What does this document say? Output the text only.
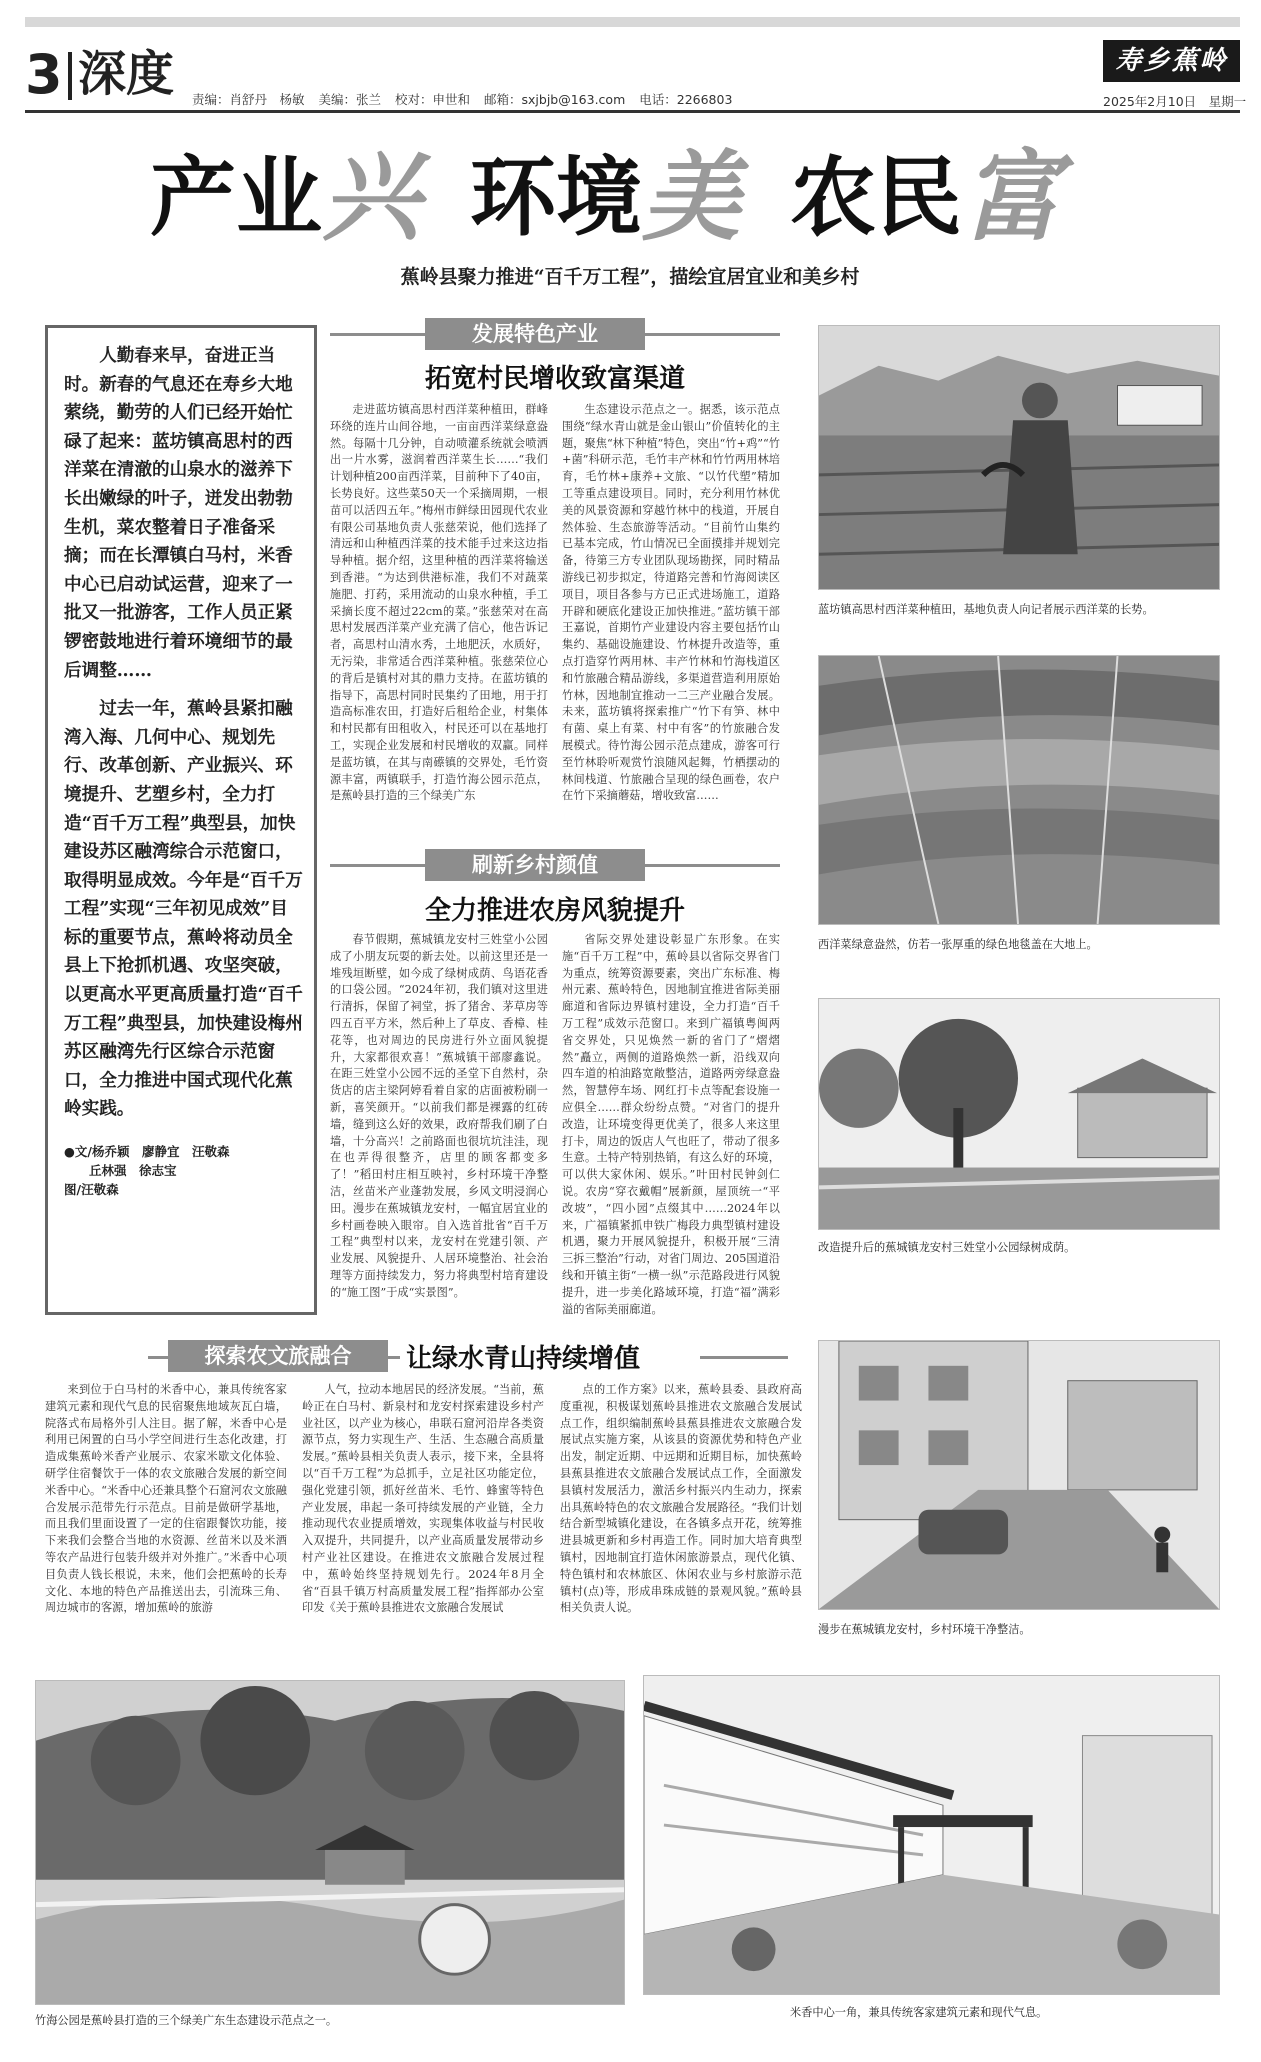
3 深度 责编：肖舒丹　杨敏 美编：张兰 校对：申世和 邮箱：sxjbjb@163.com 电话：2266803
寿乡蕉岭
2025年2月10日　星期一
产业 兴 环境 美 农民 富
蕉岭县聚力推进“百千万工程”，描绘宜居宜业和美乡村

人勤春来早，奋进正当时。新春的气息还在寿乡大地萦绕，勤劳的人们已经开始忙碌了起来：蓝坊镇高思村的西洋菜在清澈的山泉水的滋养下长出嫩绿的叶子，迸发出勃勃生机，菜农整着日子准备采摘；而在长潭镇白马村，米香中心已启动试运营，迎来了一批又一批游客，工作人员正紧锣密鼓地进行着环境细节的最后调整……

过去一年，蕉岭县紧扣融湾入海、几何中心、规划先行、改革创新、产业振兴、环境提升、艺塑乡村，全力打造“百千万工程”典型县，加快建设苏区融湾综合示范窗口，取得明显成效。今年是“百千万工程”实现“三年初见成效”目标的重要节点，蕉岭将动员全县上下抢抓机遇、攻坚突破，以更高水平更高质量打造“百千万工程”典型县，加快建设梅州苏区融湾先行区综合示范窗口，全力推进中国式现代化蕉岭实践。

●文/杨乔颖　廖静宜　汪敬森
　　丘林强　徐志宝
图/汪敬森
发展特色产业
拓宽村民增收致富渠道

走进蓝坊镇高思村西洋菜种植田，群峰环绕的连片山间谷地，一亩亩西洋菜绿意盎然。每隔十几分钟，自动喷灌系统就会喷洒出一片水雾，滋润着西洋菜生长……“我们计划种植200亩西洋菜，目前种下了40亩，长势良好。这些菜50天一个采摘周期，一根苗可以活四五年。”梅州市鲜绿田园现代农业有限公司基地负责人张慈荣说，他们选择了清远和山种植西洋菜的技术能手过来这边指导种植。据介绍，这里种植的西洋菜将输送到香港。“为达到供港标准，我们不对蔬菜施肥、打药，采用流动的山泉水种植，手工采摘长度不超过22cm的菜。”张慈荣对在高思村发展西洋菜产业充满了信心，他告诉记者，高思村山清水秀，土地肥沃，水质好，无污染，非常适合西洋菜种植。张慈荣位心的背后是镇村对其的鼎力支持。在蓝坊镇的指导下，高思村同时民集约了田地，用于打造高标准农田，打造好后租给企业，村集体和村民都有田租收入，村民还可以在基地打工，实现企业发展和村民增收的双赢。同样是蓝坊镇，在其与南礤镇的交界处，毛竹资源丰富，两镇联手，打造竹海公园示范点，是蕉岭县打造的三个绿美广东

生态建设示范点之一。据悉，该示范点围绕“绿水青山就是金山银山”价值转化的主题，聚焦“林下种植”特色，突出“竹+鸡”“竹+菌”科研示范，毛竹丰产林和竹竹两用林培育，毛竹林+康养+文旅、“以竹代塑”精加工等重点建设项目。同时，充分利用竹林优美的风景资源和穿越竹林中的栈道，开展自然体验、生态旅游等活动。“目前竹山集约已基本完成，竹山情况已全面摸排并规划完备，待第三方专业团队现场勘探，同时精品游线已初步拟定，待道路完善和竹海阅读区项目，项目各参与方已正式进场施工，道路开辟和硬底化建设正加快推进。”蓝坊镇干部王嘉说，首期竹产业建设内容主要包括竹山集约、基础设施建设、竹林提升改造等，重点打造穿竹两用林、丰产竹林和竹海栈道区和竹旅融合精品游线，多渠道营造利用原始竹林，因地制宜推动一二三产业融合发展。未来，蓝坊镇将探索推广“竹下有笋、林中有菌、桌上有菜、村中有客”的竹旅融合发展模式。待竹海公园示范点建成，游客可行至竹林聆听观赏竹浪随风起舞，竹栖摆动的林间栈道、竹旅融合呈现的绿色画卷，农户在竹下采摘蘑菇，增收致富……

刷新乡村颜值
全力推进农房风貌提升

春节假期，蕉城镇龙安村三姓堂小公园成了小朋友玩耍的新去处。以前这里还是一堆残垣断壁，如今成了绿树成荫、鸟语花香的口袋公园。“2024年初，我们镇对这里进行清拆，保留了祠堂，拆了猪舍、茅草房等四五百平方米，然后种上了草皮、香樟、桂花等，也对周边的民房进行外立面风貌提升，大家都很欢喜！”蕉城镇干部廖鑫说。在距三姓堂小公园不远的圣堂下自然村，杂货店的店主梁阿婷看着自家的店面被粉刷一新，喜笑颜开。“以前我们都是裸露的红砖墙，缝到这么好的效果，政府帮我们刷了白墙，十分高兴！之前路面也很坑坑洼洼，现在也弄得很整齐，店里的顾客都变多了！”稻田村庄相互映衬，乡村环境干净整洁，丝苗米产业蓬勃发展，乡风文明浸润心田。漫步在蕉城镇龙安村，一幅宜居宜业的乡村画卷映入眼帘。自入选首批省“百千万工程”典型村以来，龙安村在党建引领、产业发展、风貌提升、人居环境整治、社会治理等方面持续发力，努力将典型村培育建设的“施工图”于成“实景图”。

省际交界处建设彰显广东形象。在实施“百千万工程”中，蕉岭县以省际交界省门为重点，统筹资源要素，突出广东标准、梅州元素、蕉岭特色，因地制宜推进省际美丽廊道和省际边界镇村建设，全力打造“百千万工程”成效示范窗口。来到广福镇粤闽两省交界处，只见焕然一新的省门了“熠熠然”矗立，两侧的道路焕然一新，沿线双向四车道的柏油路宽敞整洁，道路两旁绿意盎然，智慧停车场、网红打卡点等配套设施一应俱全……群众纷纷点赞。“对省门的提升改造，让环境变得更优美了，很多人来这里打卡，周边的饭店人气也旺了，带动了很多生意。土特产特别热销，有这么好的环境，可以供大家休闲、娱乐。”叶田村民钟剑仁说。农房“穿衣戴帽”展新颜，屋顶统一“平改坡”，“四小园”点缀其中……2024年以来，广福镇紧抓申铁广梅段力典型镇村建设机遇，聚力开展风貌提升，积极开展“三清三拆三整治”行动，对省门周边、205国道沿线和开镇主街“一横一纵”示范路段进行风貌提升，进一步美化路域环境，打造“福”满彩溢的省际美丽廊道。

探索农文旅融合	让绿水青山持续增值

来到位于白马村的米香中心，兼具传统客家建筑元素和现代气息的民宿聚焦地域灰瓦白墙，院落式布局格外引人注目。据了解，米香中心是利用已闲置的白马小学空间进行生态化改建，打造成集蕉岭米香产业展示、农家米歇文化体验、研学住宿餐饮于一体的农文旅融合发展的新空间米香中心。“米香中心还兼具整个石窟河农文旅融合发展示范带先行示范点。目前是做研学基地，而且我们里面设置了一定的住宿跟餐饮功能，接下来我们会整合当地的水资源、丝苗米以及米酒等农产品进行包装升级并对外推广。”米香中心项目负责人钱长根说，未来，他们会把蕉岭的长寿文化、本地的特色产品推送出去，引流珠三角、周边城市的客源，增加蕉岭的旅游

人气，拉动本地居民的经济发展。“当前，蕉岭正在白马村、新泉村和龙安村探索建设乡村产业社区，以产业为核心，串联石窟河沿岸各类资源节点，努力实现生产、生活、生态融合高质量发展。”蕉岭县相关负责人表示，接下来，全县将以“百千万工程”为总抓手，立足社区功能定位，强化党建引领，抓好丝苗米、毛竹、蜂蜜等特色产业发展，串起一条可持续发展的产业链，全力推动现代农业提质增效，实现集体收益与村民收入双提升，共同提升，以产业高质量发展带动乡村产业社区建设。在推进农文旅融合发展过程中，蕉岭始终坚持规划先行。2024年8月全省“百县千镇万村高质量发展工程”指挥部办公室印发《关于蕉岭县推进农文旅融合发展试

点的工作方案》以来，蕉岭县委、县政府高度重视，积极谋划蕉岭县推进农文旅融合发展试点工作，组织编制蕉岭县蕉县推进农文旅融合发展试点实施方案，从该县的资源优势和特色产业出发，制定近期、中远期和近期目标，加快蕉岭县蕉县推进农文旅融合发展试点工作，全面激发县镇村发展活力，激活乡村振兴内生动力，探索出具蕉岭特色的农文旅融合发展路径。“我们计划结合新型城镇化建设，在各镇多点开花，统筹推进县城更新和乡村再造工作。同时加大培育典型镇村，因地制宜打造休闲旅游景点，现代化镇、特色镇村和农林旅区、休闲农业与乡村旅游示范镇村(点)等，形成串珠成链的景观风貌。”蕉岭县相关负责人说。

蓝坊镇高思村西洋菜种植田，基地负责人向记者展示西洋菜的长势。
西洋菜绿意盎然，仿若一张厚重的绿色地毯盖在大地上。
改造提升后的蕉城镇龙安村三姓堂小公园绿树成荫。
漫步在蕉城镇龙安村，乡村环境干净整洁。
竹海公园是蕉岭县打造的三个绿美广东生态建设示范点之一。
米香中心一角，兼具传统客家建筑元素和现代气息。
